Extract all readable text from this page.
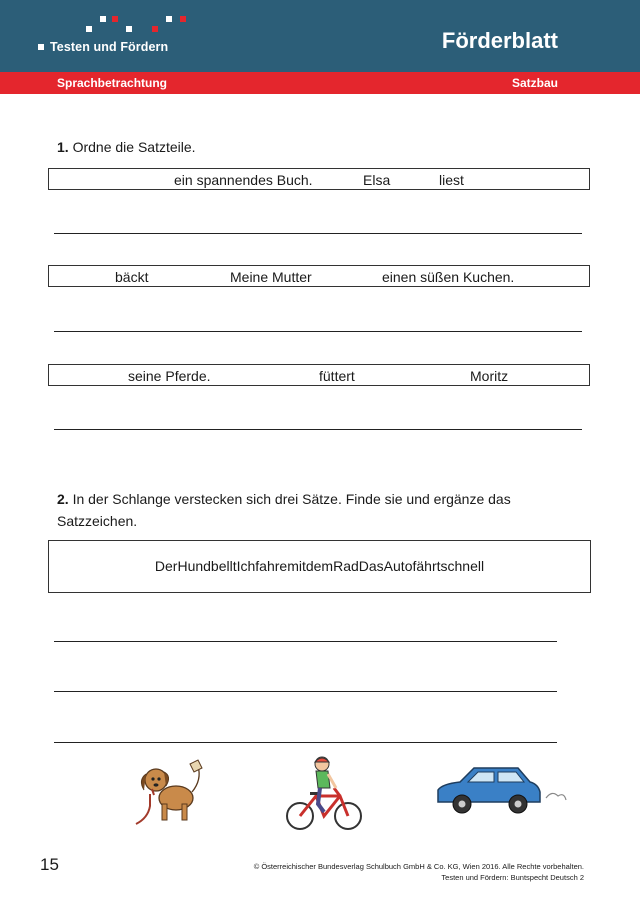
Testen und Fördern	Förderblatt
Sprachbetrachtung	Satzbau
1. Ordne die Satzteile.
ein spannendes Buch.	Elsa	liest
bäckt	Meine Mutter	einen süßen Kuchen.
seine Pferde.	füttert	Moritz
2. In der Schlange verstecken sich drei Sätze. Finde sie und ergänze das Satzzeichen.
DerHundbelltIchfahremitdemRadDasAutofährtschnell
15	© Österreichischer Bundesverlag Schulbuch GmbH & Co. KG, Wien 2016. Alle Rechte vorbehalten.
Testen und Fördern: Buntspecht Deutsch 2
